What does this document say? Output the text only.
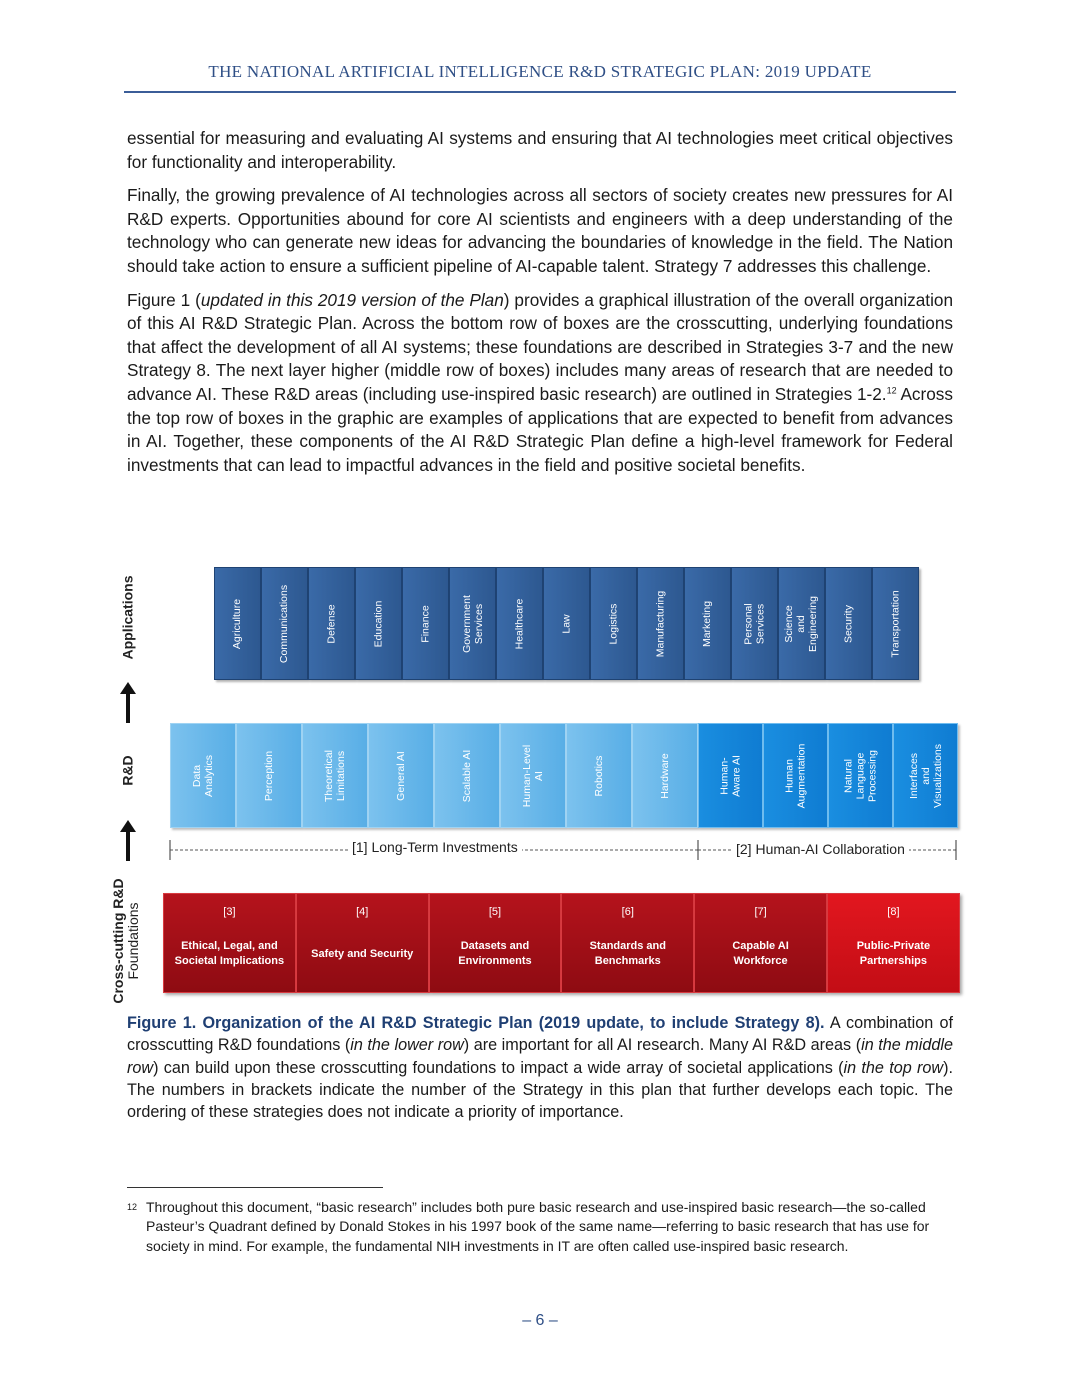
THE NATIONAL ARTIFICIAL INTELLIGENCE R&D STRATEGIC PLAN: 2019 UPDATE

essential for measuring and evaluating AI systems and ensuring that AI technologies meet critical objectives for functionality and interoperability.

Finally, the growing prevalence of AI technologies across all sectors of society creates new pressures for AI R&D experts. Opportunities abound for core AI scientists and engineers with a deep understanding of the technology who can generate new ideas for advancing the boundaries of knowledge in the field. The Nation should take action to ensure a sufficient pipeline of AI-capable talent. Strategy 7 addresses this challenge.

Figure 1 (updated in this 2019 version of the Plan) provides a graphical illustration of the overall organization of this AI R&D Strategic Plan. Across the bottom row of boxes are the crosscutting, underlying foundations that affect the development of all AI systems; these foundations are described in Strategies 3-7 and the new Strategy 8. The next layer higher (middle row of boxes) includes many areas of research that are needed to advance AI. These R&D areas (including use-inspired basic research) are outlined in Strategies 1-2.12 Across the top row of boxes in the graphic are examples of applications that are expected to benefit from advances in AI. Together, these components of the AI R&D Strategic Plan define a high-level framework for Federal investments that can lead to impactful advances in the field and positive societal benefits.

Applications
R&D
Cross-cutting R&D Foundations
Agriculture	Communications	Defense	Education	Finance	Government Services	Healthcare	Law	Logistics	Manufacturing	Marketing	Personal Services Science and Engineering Security	Transportation
Data Analytics	Perception	Theoretical Limitations	General AI	Scalable AI	Human-Level AI	Robotics	Hardware	Human-Aware AI	Human Augmentation	Natural Language Processing	Interfaces and Visualizations
[1] Long-Term Investments	[2] Human-AI Collaboration
[3]
Ethical, Legal, and Societal Implications
[4]
Safety and Security
[5]
Datasets and Environments
[6]
Standards and Benchmarks
[7]
Capable AI Workforce
[8]
Public-Private Partnerships
Figure 1. Organization of the AI R&D Strategic Plan (2019 update, to include Strategy 8). A combination of crosscutting R&D foundations (in the lower row) are important for all AI research. Many AI R&D areas (in the middle row) can build upon these crosscutting foundations to impact a wide array of societal applications (in the top row). The numbers in brackets indicate the number of the Strategy in this plan that further develops each topic. The ordering of these strategies does not indicate a priority of importance.
12 Throughout this document, “basic research” includes both pure basic research and use-inspired basic research—the so-called Pasteur’s Quadrant defined by Donald Stokes in his 1997 book of the same name—referring to basic research that has use for society in mind. For example, the fundamental NIH investments in IT are often called use-inspired basic research.
– 6 –
